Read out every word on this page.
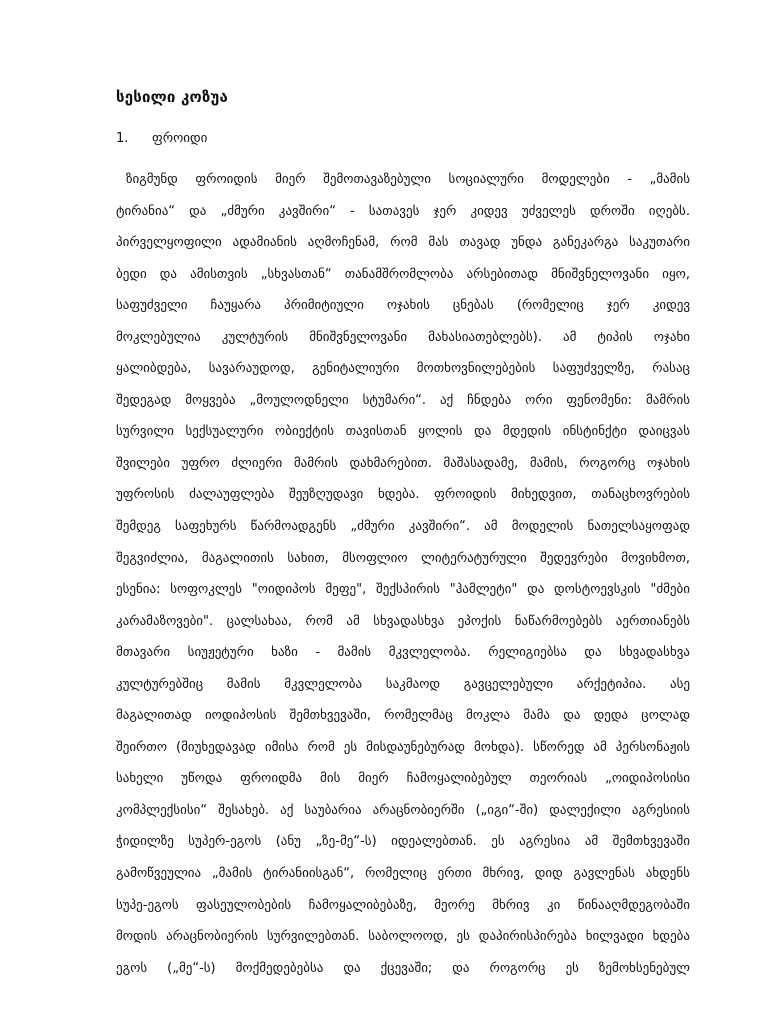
სესილი კოზუა
1. ფროიდი
ზიგმუნდ ფროიდის მიერ შემოთავაზებული სოციალური მოდელები - „მამის
ტირანია“ და „ძმური კავშირი“ - სათავეს ჯერ კიდევ უძველეს დროში იღებს.
პირველყოფილი ადამიანის აღმოჩენამ, რომ მას თავად უნდა განეკარგა საკუთარი
ბედი და ამისთვის „სხვასთან“ თანამშრომლობა არსებითად მნიშვნელოვანი იყო,
საფუძველი ჩაუყარა პრიმიტიული ოჯახის ცნებას (რომელიც ჯერ კიდევ
მოკლებულია კულტურის მნიშვნელოვანი მახასიათებლებს). ამ ტიპის ოჯახი
ყალიბდება, სავარაუდოდ, გენიტალიური მოთხოვნილებების საფუძველზე, რასაც
შედეგად მოყვება „მოულოდნელი სტუმარი“. აქ ჩნდება ორი ფენომენი: მამრის
სურვილი სექსუალური ობიექტის თავისთან ყოლის და მდედის ინსტინქტი დაიცვას
შვილები უფრო ძლიერი მამრის დახმარებით. მაშასადამე, მამის, როგორც ოჯახის
უფროსის ძალაუფლება შეუზღუდავი ხდება. ფროიდის მიხედვით, თანაცხოვრების
შემდეგ საფეხურს წარმოადგენს „ძმური კავშირი“. ამ მოდელის ნათელსაყოფად
შეგვიძლია, მაგალითის სახით, მსოფლიო ლიტერატურული შედევრები მოვიხმოთ,
ესენია: სოფოკლეს "ოიდიპოს მეფე", შექსპირის "ჰამლეტი" და დოსტოევსკის "ძმები
კარამაზოვები". ცალსახაა, რომ ამ სხვადასხვა ეპოქის ნაწარმოებებს აერთიანებს
მთავარი სიუჟეტური ხაზი - მამის მკვლელობა. რელიგიებსა და სხვადასხვა
კულტურებშიც მამის მკვლელობა საკმაოდ გავცელებული არქეტიპია. ასე
მაგალითად იოდიპოსის შემთხვევაში, რომელმაც მოკლა მამა და დედა ცოლად
შეირთო (მიუხედავად იმისა რომ ეს მისდაუნებურად მოხდა). სწორედ ამ პერსონაჟის
სახელი უწოდა ფროიდმა მის მიერ ჩამოყალიბებულ თეორიას „ოიდიპოსისი
კომპლექსისი“ შესახებ. აქ საუბარია არაცნობიერში („იგი“-ში) დალექილი აგრესიის
ჭიდილზე სუპერ-ეგოს (ანუ „ზე-მე“-ს) იდეალებთან. ეს აგრესია ამ შემთხვევაში
გამოწვეულია „მამის ტირანიისგან“, რომელიც ერთი მხრივ, დიდ გავლენას ახდენს
სუპე-ეგოს ფასეულობების ჩამოყალიბებაზე, მეორე მხრივ კი წინააღმდეგობაში
მოდის არაცნობიერის სურვილებთან. საბოლოოდ, ეს დაპირისპირება ხილვადი ხდება
ეგოს („მე“-ს) მოქმედებებსა და ქცევაში; და როგორც ეს ზემოხსენებულ
